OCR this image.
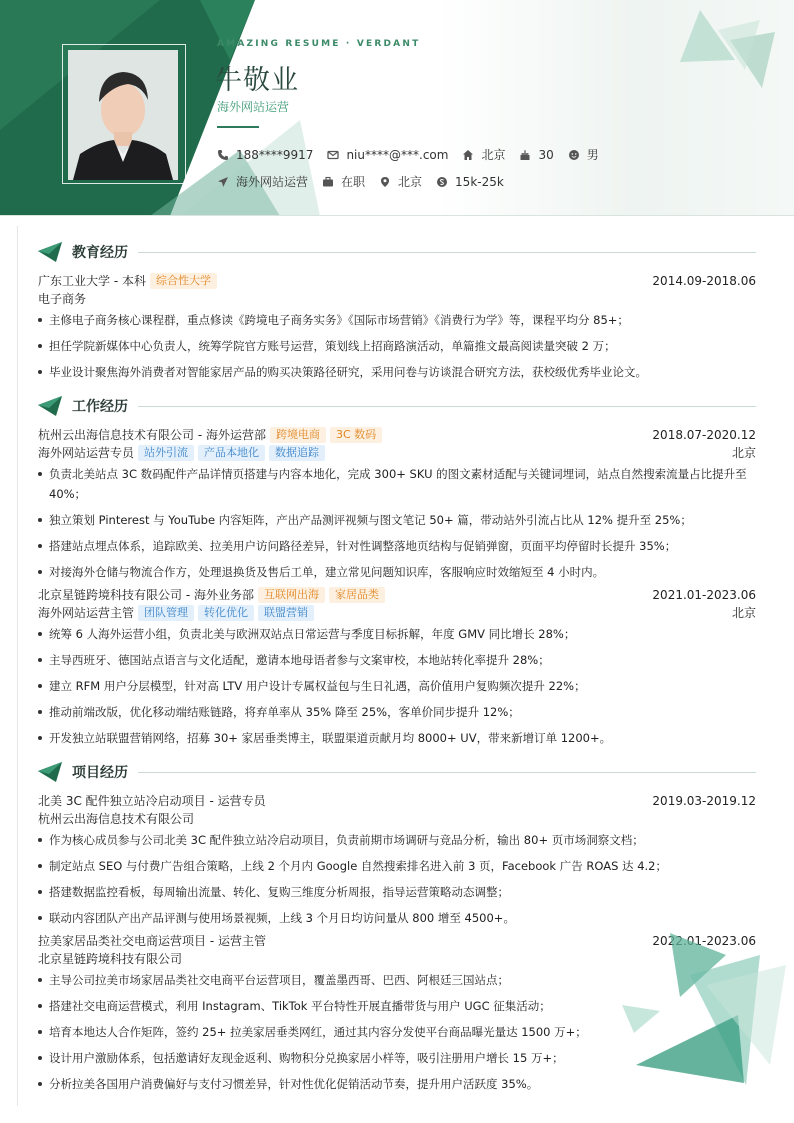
AMAZING RESUME · VERDANT
牛敬业
海外网站运营
188****9917	niu****@***.com	北京	30	男
海外网站运营	在职	北京	15k-25k
教育经历
广东工业大学 - 本科 综合性大学	2014.09-2018.06
电子商务
主修电子商务核心课程群，重点修读《跨境电子商务实务》《国际市场营销》《消费行为学》等，课程平均分 85+；
担任学院新媒体中心负责人，统筹学院官方账号运营，策划线上招商路演活动，单篇推文最高阅读量突破 2 万；
毕业设计聚焦海外消费者对智能家居产品的购买决策路径研究，采用问卷与访谈混合研究方法，获校级优秀毕业论文。
工作经历
杭州云出海信息技术有限公司 - 海外运营部 跨境电商	3C 数码	2018.07-2020.12
海外网站运营专员 站外引流	产品本地化	数据追踪	北京
负责北美站点 3C 数码配件产品详情页搭建与内容本地化，完成 300+ SKU 的图文素材适配与关键词埋词，站点自然搜索流量占比提升至 40%；
独立策划 Pinterest 与 YouTube 内容矩阵，产出产品测评视频与图文笔记 50+ 篇，带动站外引流占比从 12% 提升至 25%；
搭建站点埋点体系，追踪欧美、拉美用户访问路径差异，针对性调整落地页结构与促销弹窗，页面平均停留时长提升 35%；
对接海外仓储与物流合作方，处理退换货及售后工单，建立常见问题知识库，客服响应时效缩短至 4 小时内。
北京星链跨境科技有限公司 - 海外业务部 互联网出海	家居品类	2021.01-2023.06
海外网站运营主管 团队管理	转化优化	联盟营销	北京
统筹 6 人海外运营小组，负责北美与欧洲双站点日常运营与季度目标拆解，年度 GMV 同比增长 28%；
主导西班牙、德国站点语言与文化适配，邀请本地母语者参与文案审校，本地站转化率提升 28%；
建立 RFM 用户分层模型，针对高 LTV 用户设计专属权益包与生日礼遇，高价值用户复购频次提升 22%；
推动前端改版，优化移动端结账链路，将弃单率从 35% 降至 25%，客单价同步提升 12%；
开发独立站联盟营销网络，招募 30+ 家居垂类博主，联盟渠道贡献月均 8000+ UV，带来新增订单 1200+。
项目经历
北美 3C 配件独立站冷启动项目 - 运营专员	2019.03-2019.12
杭州云出海信息技术有限公司
作为核心成员参与公司北美 3C 配件独立站冷启动项目，负责前期市场调研与竞品分析，输出 80+ 页市场洞察文档；
制定站点 SEO 与付费广告组合策略，上线 2 个月内 Google 自然搜索排名进入前 3 页，Facebook 广告 ROAS 达 4.2；
搭建数据监控看板，每周输出流量、转化、复购三维度分析周报，指导运营策略动态调整；
联动内容团队产出产品评测与使用场景视频，上线 3 个月日均访问量从 800 增至 4500+。
拉美家居品类社交电商运营项目 - 运营主管	2022.01-2023.06
北京星链跨境科技有限公司
主导公司拉美市场家居品类社交电商平台运营项目，覆盖墨西哥、巴西、阿根廷三国站点；
搭建社交电商运营模式，利用 Instagram、TikTok 平台特性开展直播带货与用户 UGC 征集活动；
培育本地达人合作矩阵，签约 25+ 拉美家居垂类网红，通过其内容分发使平台商品曝光量达 1500 万+；
设计用户激励体系，包括邀请好友现金返利、购物积分兑换家居小样等，吸引注册用户增长 15 万+；
分析拉美各国用户消费偏好与支付习惯差异，针对性优化促销活动节奏，提升用户活跃度 35%。
